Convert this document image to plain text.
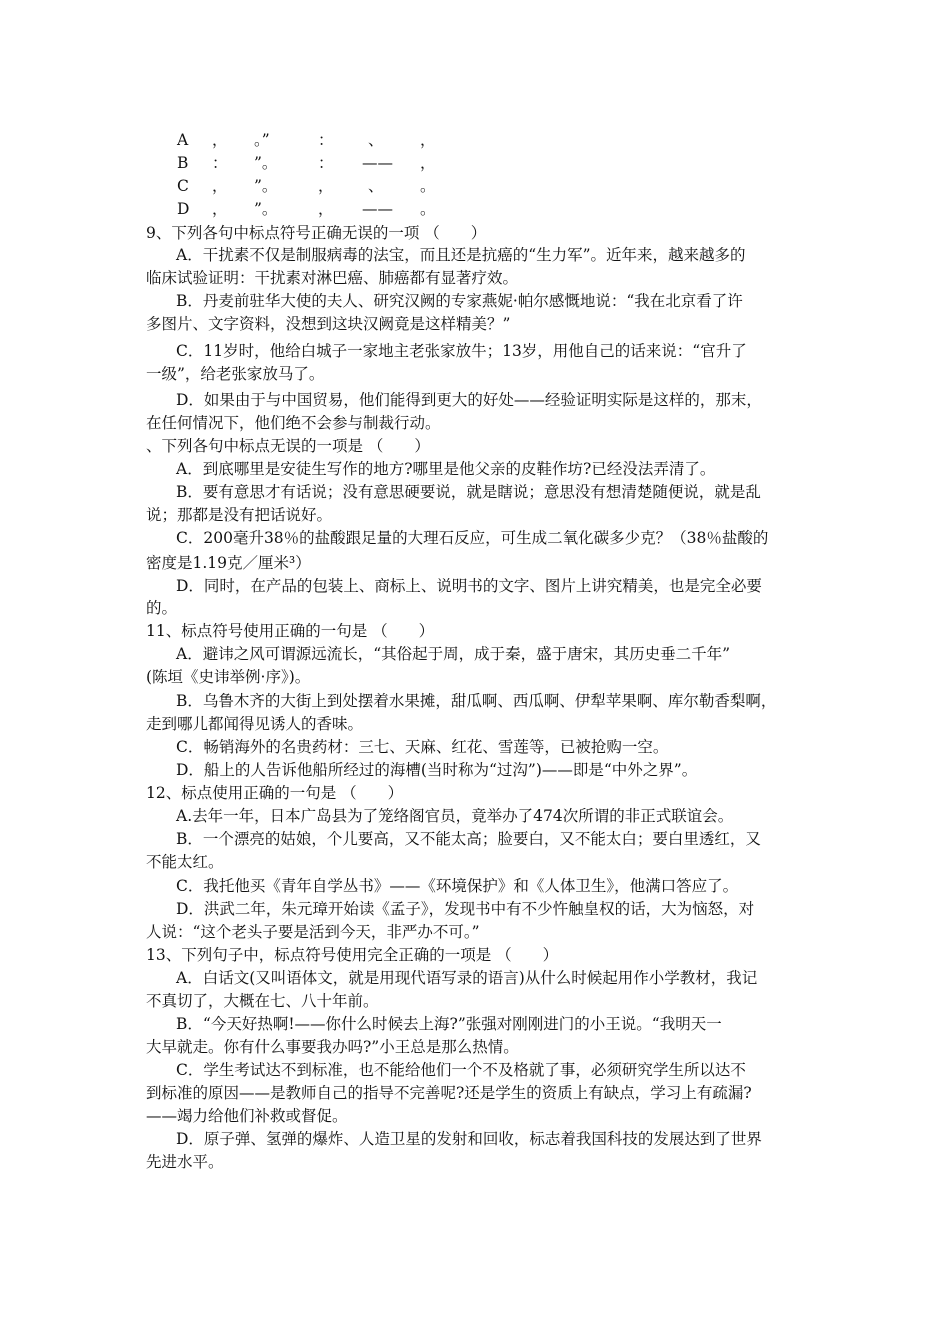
A ， 。”	： 、 ，
B ： ”。	： —— ，
C ， ”。	， 、 。
D ， ”。	， —— 。
9、下列各句中标点符号正确无误的一项 （　　）
A．干扰素不仅是制服病毒的法宝，而且还是抗癌的“生力军”。近年来，越来越多的
临床试验证明：干扰素对淋巴癌、肺癌都有显著疗效。
B．丹麦前驻华大使的夫人、研究汉阙的专家燕妮·帕尔感慨地说：“我在北京看了许
多图片、文字资料，没想到这块汉阙竟是这样精美？”
C．11岁时，他给白城子一家地主老张家放牛；13岁，用他自己的话来说：“官升了
一级”，给老张家放马了。
D．如果由于与中国贸易，他们能得到更大的好处——经验证明实际是这样的，那末，
在任何情况下，他们绝不会参与制裁行动。
、下列各句中标点无误的一项是 （　　）
A．到底哪里是安徒生写作的地方?哪里是他父亲的皮鞋作坊?已经没法弄清了。
B．要有意思才有话说；没有意思硬要说，就是瞎说；意思没有想清楚随便说，就是乱
说；那都是没有把话说好。
C．200毫升38％的盐酸跟足量的大理石反应，可生成二氧化碳多少克？（38％盐酸的
密度是1.19克／厘米³）
D．同时，在产品的包装上、商标上、说明书的文字、图片上讲究精美，也是完全必要
的。
11、标点符号使用正确的一句是 （　　）
A．避讳之风可谓源远流长，“其俗起于周，成于秦，盛于唐宋，其历史垂二千年”
(陈垣《史讳举例·序》)。
B．乌鲁木齐的大街上到处摆着水果摊，甜瓜啊、西瓜啊、伊犁苹果啊、库尔勒香梨啊，
走到哪儿都闻得见诱人的香味。
C．畅销海外的名贵药材：三七、天麻、红花、雪莲等，已被抢购一空。
D．船上的人告诉他船所经过的海槽(当时称为“过沟”)——即是“中外之界”。
12、标点使用正确的一句是 （　　）
A.去年一年，日本广岛县为了笼络阁官员，竟举办了474次所谓的非正式联谊会。
B．一个漂亮的姑娘，个儿要高，又不能太高；脸要白，又不能太白；要白里透红，又
不能太红。
C．我托他买《青年自学丛书》——《环境保护》和《人体卫生》，他满口答应了。
D．洪武二年，朱元璋开始读《孟子》，发现书中有不少忤触皇权的话，大为恼怒，对
人说：“这个老头子要是活到今天，非严办不可。”
13、下列句子中，标点符号使用完全正确的一项是 （　　）
A．白话文(又叫语体文，就是用现代语写录的语言)从什么时候起用作小学教材，我记
不真切了，大概在七、八十年前。
B．“今天好热啊!——你什么时候去上海?”张强对刚刚进门的小王说。“我明天一
大早就走。你有什么事要我办吗?”小王总是那么热情。
C．学生考试达不到标准，也不能给他们一个不及格就了事，必须研究学生所以达不
到标准的原因——是教师自己的指导不完善呢?还是学生的资质上有缺点，学习上有疏漏?
——竭力给他们补救或督促。
D．原子弹、氢弹的爆炸、人造卫星的发射和回收，标志着我国科技的发展达到了世界
先进水平。
